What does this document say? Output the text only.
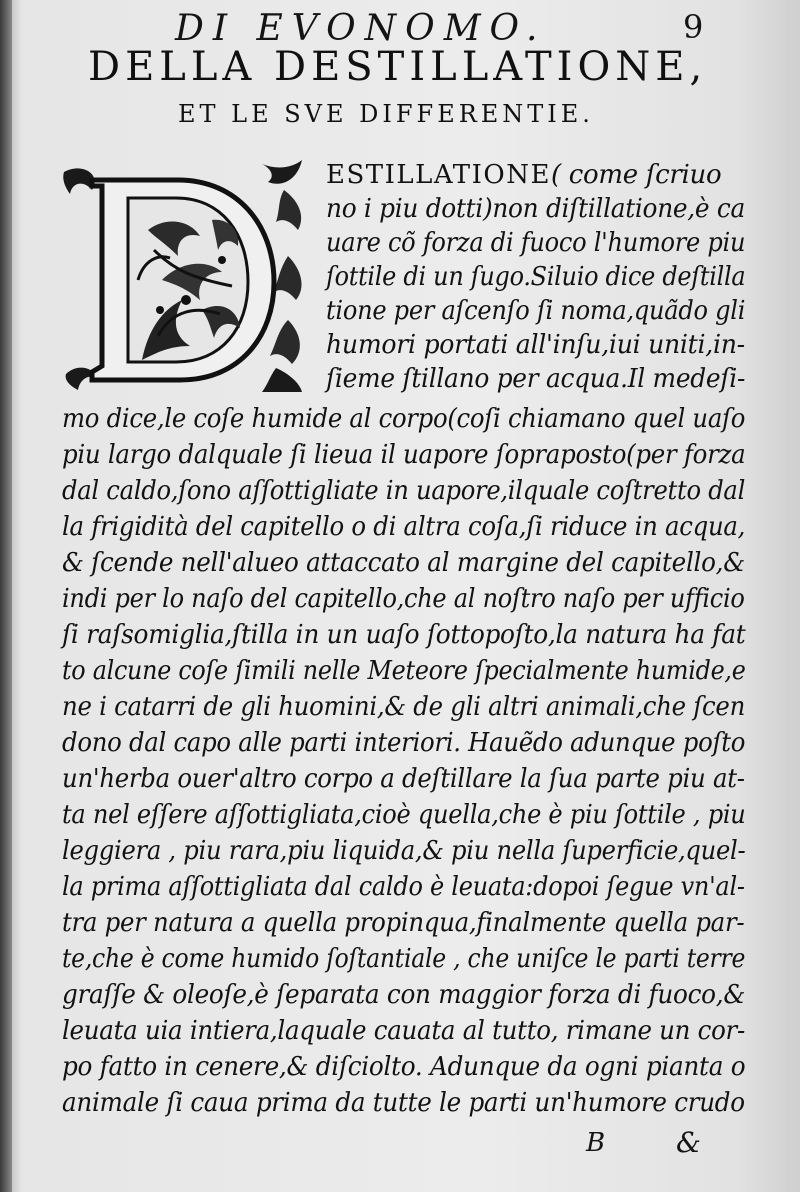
DI EVONOMO.	9
DELLA DESTILLATIONE,
ET LE SVE DIFFERENTIE.
ESTILLATIONE( come ſcriuo
no i piu dotti)non diſtillatione,è ca
uare cõ forza di fuoco l'humore piu
ſottile di un ſugo.Siluio dice deſtilla
tione per aſcenſo ſi noma,quãdo gli
humori portati all'inſu,iui uniti,in-
ſieme ſtillano per acqua.Il medeſi-
mo dice,le coſe humide al corpo(coſi chiamano quel uaſo
piu largo dalquale ſi lieua il uapore ſopraposto(per forza
dal caldo,ſono aſſottigliate in uapore,ilquale coſtretto dal
la frigidità del capitello o di altra coſa,ſi riduce in acqua,
& ſcende nell'alueo attaccato al margine del capitello,&
indi per lo naſo del capitello,che al noſtro naſo per ufficio
ſi raſsomiglia,ſtilla in un uaſo ſottopoſto,la natura ha fat
to alcune coſe ſimili nelle Meteore ſpecialmente humide,e
ne i catarri de gli huomini,& de gli altri animali,che ſcen
dono dal capo alle parti interiori. Hauẽdo adunque poſto
un'herba ouer'altro corpo a deſtillare la ſua parte piu at-
ta nel eſſere aſſottigliata,cioè quella,che è piu ſottile , piu
leggiera , piu rara,piu liquida,& piu nella ſuperficie,quel-
la prima aſſottigliata dal caldo è leuata:dopoi ſegue vn'al-
tra per natura a quella propinqua,finalmente quella par-
te,che è come humido ſoſtantiale , che uniſce le parti terre
graſſe & oleoſe,è ſeparata con maggior forza di fuoco,&
leuata uia intiera,laquale cauata al tutto, rimane un cor-
po fatto in cenere,& diſciolto. Adunque da ogni pianta o
animale ſi caua prima da tutte le parti un'humore crudo
B	&
